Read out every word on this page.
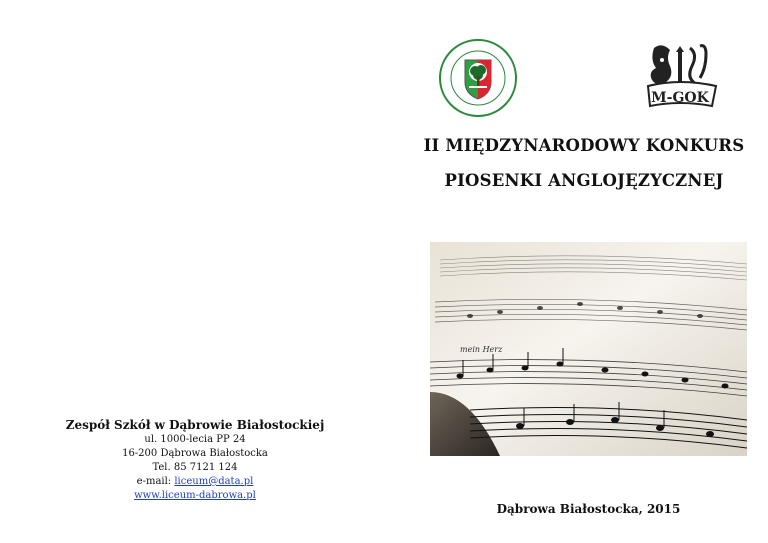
M-GOK
II MIĘDZYNARODOWY KONKURS
PIOSENKI ANGLOJĘZYCZNEJ
mein Herz
Zespół Szkół w Dąbrowie Białostockiej
ul. 1000-lecia PP 24
16-200 Dąbrowa Białostocka
Tel. 85 7121 124
e-mail: liceum@data.pl
www.liceum-dabrowa.pl
Dąbrowa Białostocka, 2015
